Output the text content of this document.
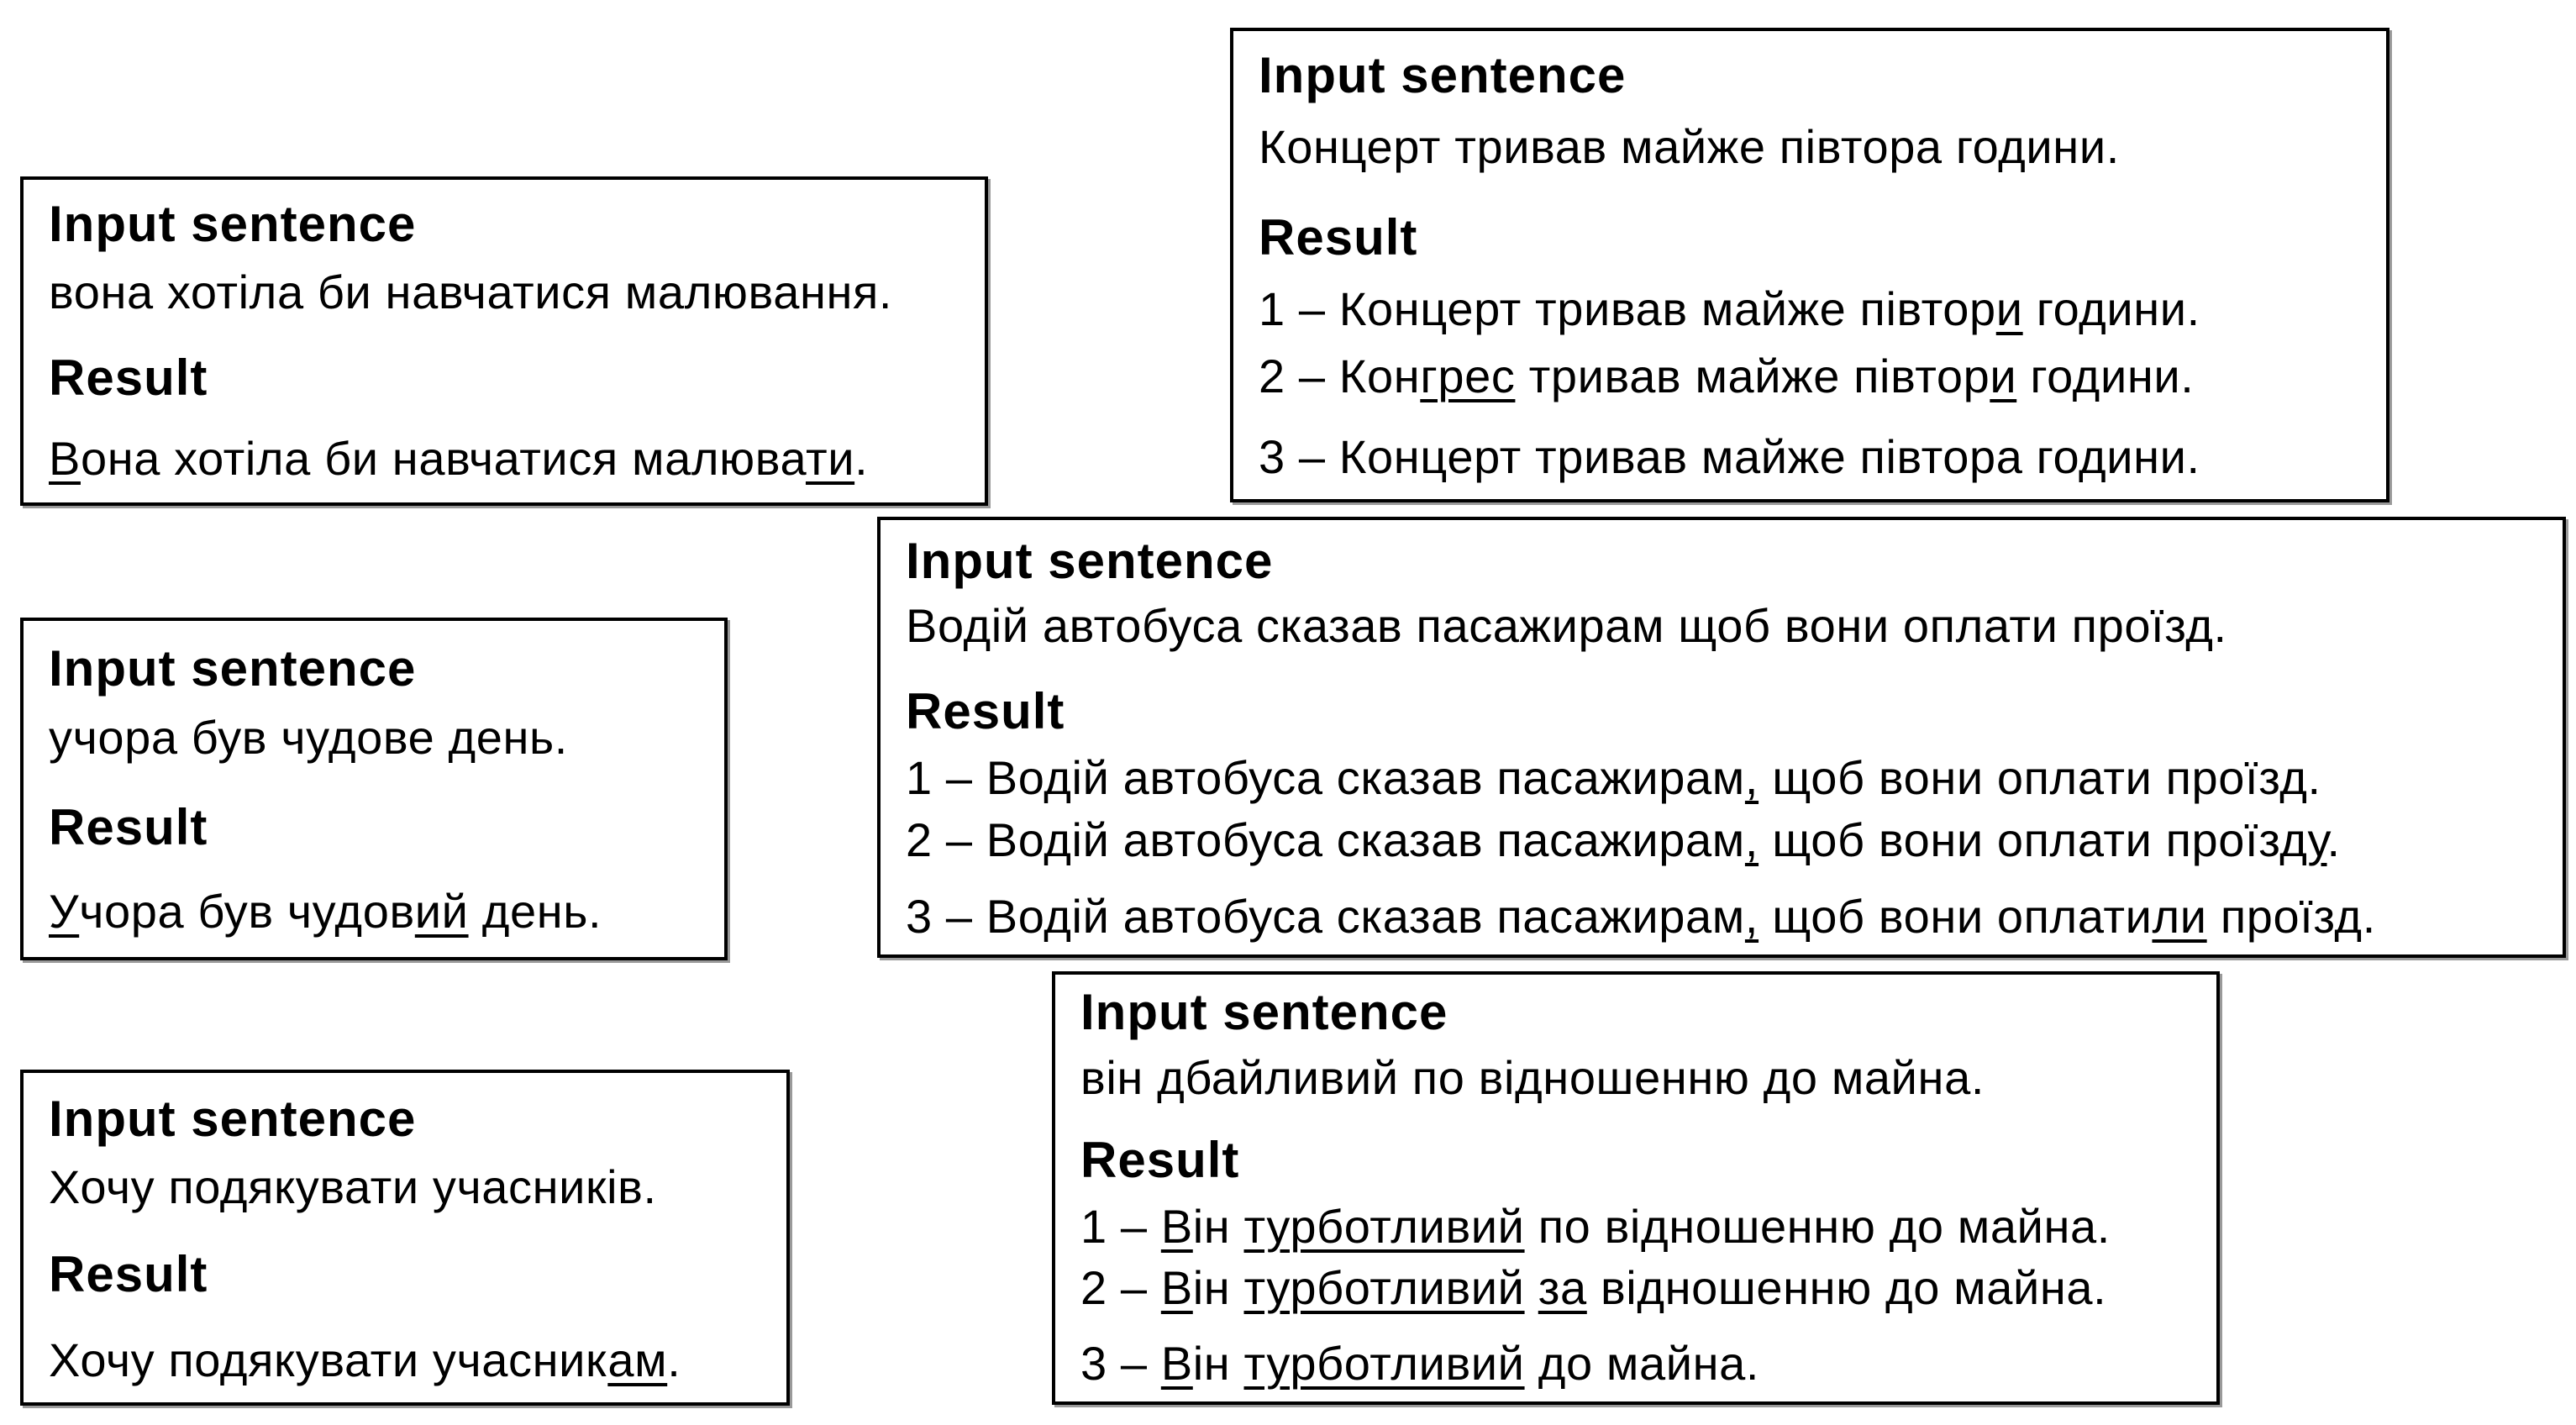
Input sentence
вона хотіла би навчатися малювання.
Result
Вона хотіла би навчатися малювати.
Input sentence
Концерт тривав майже півтора години.
Result
1 – Концерт тривав майже півтори години.
2 – Конгрес тривав майже півтори години.
3 – Концерт тривав майже півтора години.
Input sentence
Водій автобуса сказав пасажирам щоб вони оплати проїзд.
Result
1 – Водій автобуса сказав пасажирам, щоб вони оплати проїзд.
2 – Водій автобуса сказав пасажирам, щоб вони оплати проїзду.
3 – Водій автобуса сказав пасажирам, щоб вони оплатили проїзд.
Input sentence
учора був чудове день.
Result
Учора був чудовий день.
Input sentence
Хочу подякувати учасників.
Result
Хочу подякувати учасникам.
Input sentence
він дбайливий по відношенню до майна.
Result
1 – Він турботливий по відношенню до майна.
2 – Він турботливий за відношенню до майна.
3 – Він турботливий до майна.
